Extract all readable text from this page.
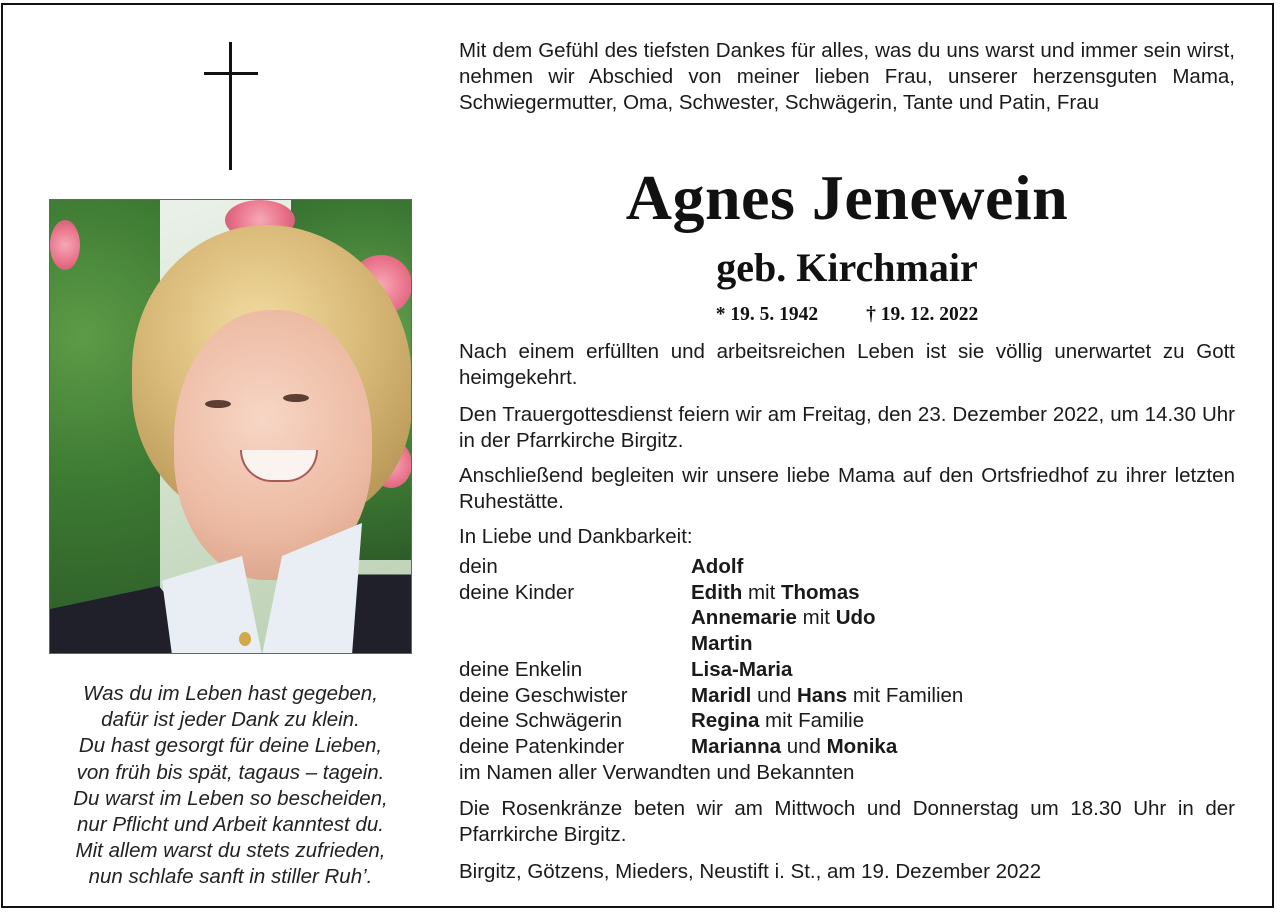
Was du im Leben hast gegeben,
dafür ist jeder Dank zu klein.
Du hast gesorgt für deine Lieben,
von früh bis spät, tagaus – tagein.
Du warst im Leben so bescheiden,
nur Pflicht und Arbeit kanntest du.
Mit allem warst du stets zufrieden,
nun schlafe sanft in stiller Ruh’.
Mit dem Gefühl des tiefsten Dankes für alles, was du uns warst und immer sein wirst, nehmen wir Abschied von meiner lieben Frau, unserer herzensguten Mama, Schwiegermutter, Oma, Schwester, Schwägerin, Tante und Patin, Frau
Agnes Jenewein
geb. Kirchmair
* 19. 5. 1942 † 19. 12. 2022
Nach einem erfüllten und arbeitsreichen Leben ist sie völlig unerwartet zu Gott heimgekehrt.
Den Trauergottesdienst feiern wir am Freitag, den 23. Dezember 2022, um 14.30 Uhr in der Pfarrkirche Birgitz.
Anschließend begleiten wir unsere liebe Mama auf den Ortsfriedhof zu ihrer letzten Ruhestätte.
In Liebe und Dankbarkeit:
dein	Adolf
deine Kinder	Edith mit Thomas
Annemarie mit Udo
Martin
deine Enkelin	Lisa-Maria
deine Geschwister	Maridl und Hans mit Familien
deine Schwägerin	Regina mit Familie
deine Patenkinder	Marianna und Monika
im Namen aller Verwandten und Bekannten
Die Rosenkränze beten wir am Mittwoch und Donnerstag um 18.30 Uhr in der Pfarrkirche Birgitz.
Birgitz, Götzens, Mieders, Neustift i. St., am 19. Dezember 2022
